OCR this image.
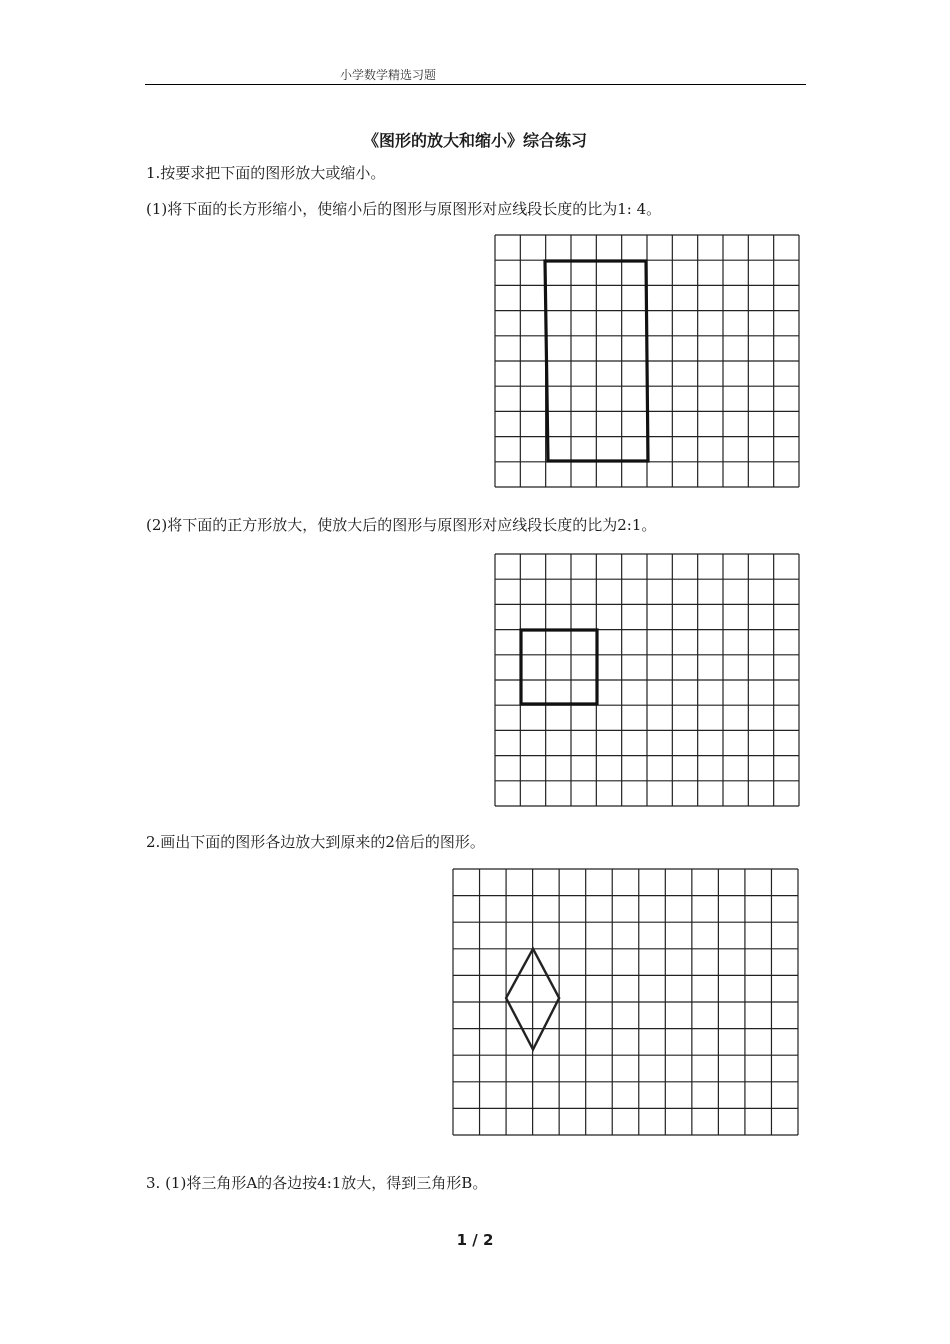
小学数学精选习题
《图形的放大和缩小》综合练习
1.按要求把下面的图形放大或缩小。
(1)将下面的长方形缩小，使缩小后的图形与原图形对应线段长度的比为1: 4。
(2)将下面的正方形放大，使放大后的图形与原图形对应线段长度的比为2:1。
2.画出下面的图形各边放大到原来的2倍后的图形。
3. (1)将三角形A的各边按4:1放大，得到三角形B。
1 / 2
